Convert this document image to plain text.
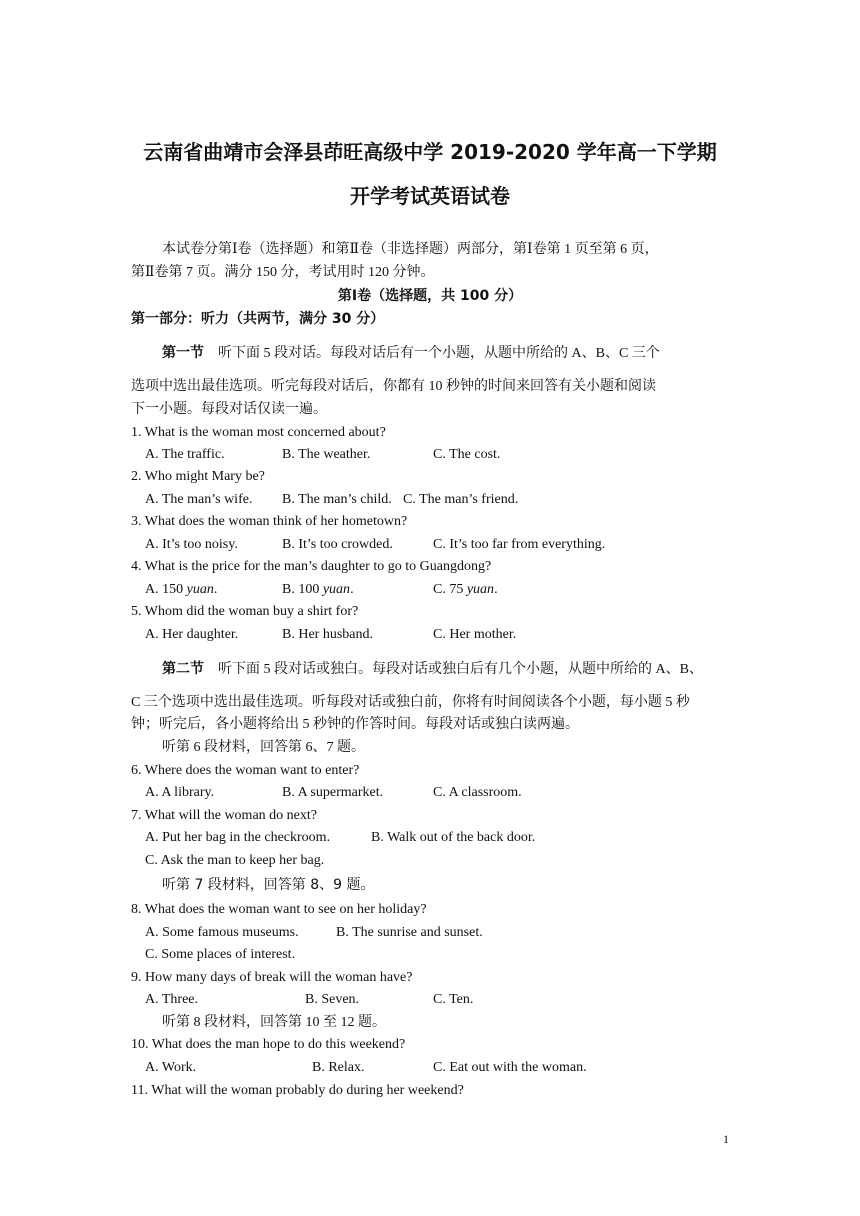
云南省曲靖市会泽县茚旺高级中学 2019-2020 学年高一下学期
开学考试英语试卷
本试卷分第Ⅰ卷（选择题）和第Ⅱ卷（非选择题）两部分，第Ⅰ卷第 1 页至第 6 页，
第Ⅱ卷第 7 页。满分 150 分，考试用时 120 分钟。
第Ⅰ卷（选择题，共 100 分）
第一部分：听力（共两节，满分 30 分）
第一节 听下面 5 段对话。每段对话后有一个小题，从题中所给的 A、B、C 三个
选项中选出最佳选项。听完每段对话后，你都有 10 秒钟的时间来回答有关小题和阅读
下一小题。每段对话仅读一遍。
1. What is the woman most concerned about?
A. The traffic.	B. The weather.	C. The cost.
2. Who might Mary be?
A. The man’s wife. B. The man’s child. C. The man’s friend.
3. What does the woman think of her hometown?
A. It’s too noisy.	B. It’s too crowded.	C. It’s too far from everything.
4. What is the price for the man’s daughter to go to Guangdong?
A. 150 yuan.	B. 100 yuan.	C. 75 yuan.
5. Whom did the woman buy a shirt for?
A. Her daughter.	B. Her husband.	C. Her mother.
第二节 听下面 5 段对话或独白。每段对话或独白后有几个小题，从题中所给的 A、B、
C 三个选项中选出最佳选项。听每段对话或独白前，你将有时间阅读各个小题，每小题 5 秒
钟；听完后，各小题将给出 5 秒钟的作答时间。每段对话或独白读两遍。
听第 6 段材料，回答第 6、7 题。
6. Where does the woman want to enter?
A. A library.	B. A supermarket.	C. A classroom.
7. What will the woman do next?
A. Put her bag in the checkroom.	B. Walk out of the back door.
C. Ask the man to keep her bag.
听第 7 段材料，回答第 8、9 题。
8. What does the woman want to see on her holiday?
A. Some famous museums.	B. The sunrise and sunset.
C. Some places of interest.
9. How many days of break will the woman have?
A. Three.	B. Seven.	C. Ten.
听第 8 段材料，回答第 10 至 12 题。
10. What does the man hope to do this weekend?
A. Work.	B. Relax.	C. Eat out with the woman.
11. What will the woman probably do during her weekend?
1
